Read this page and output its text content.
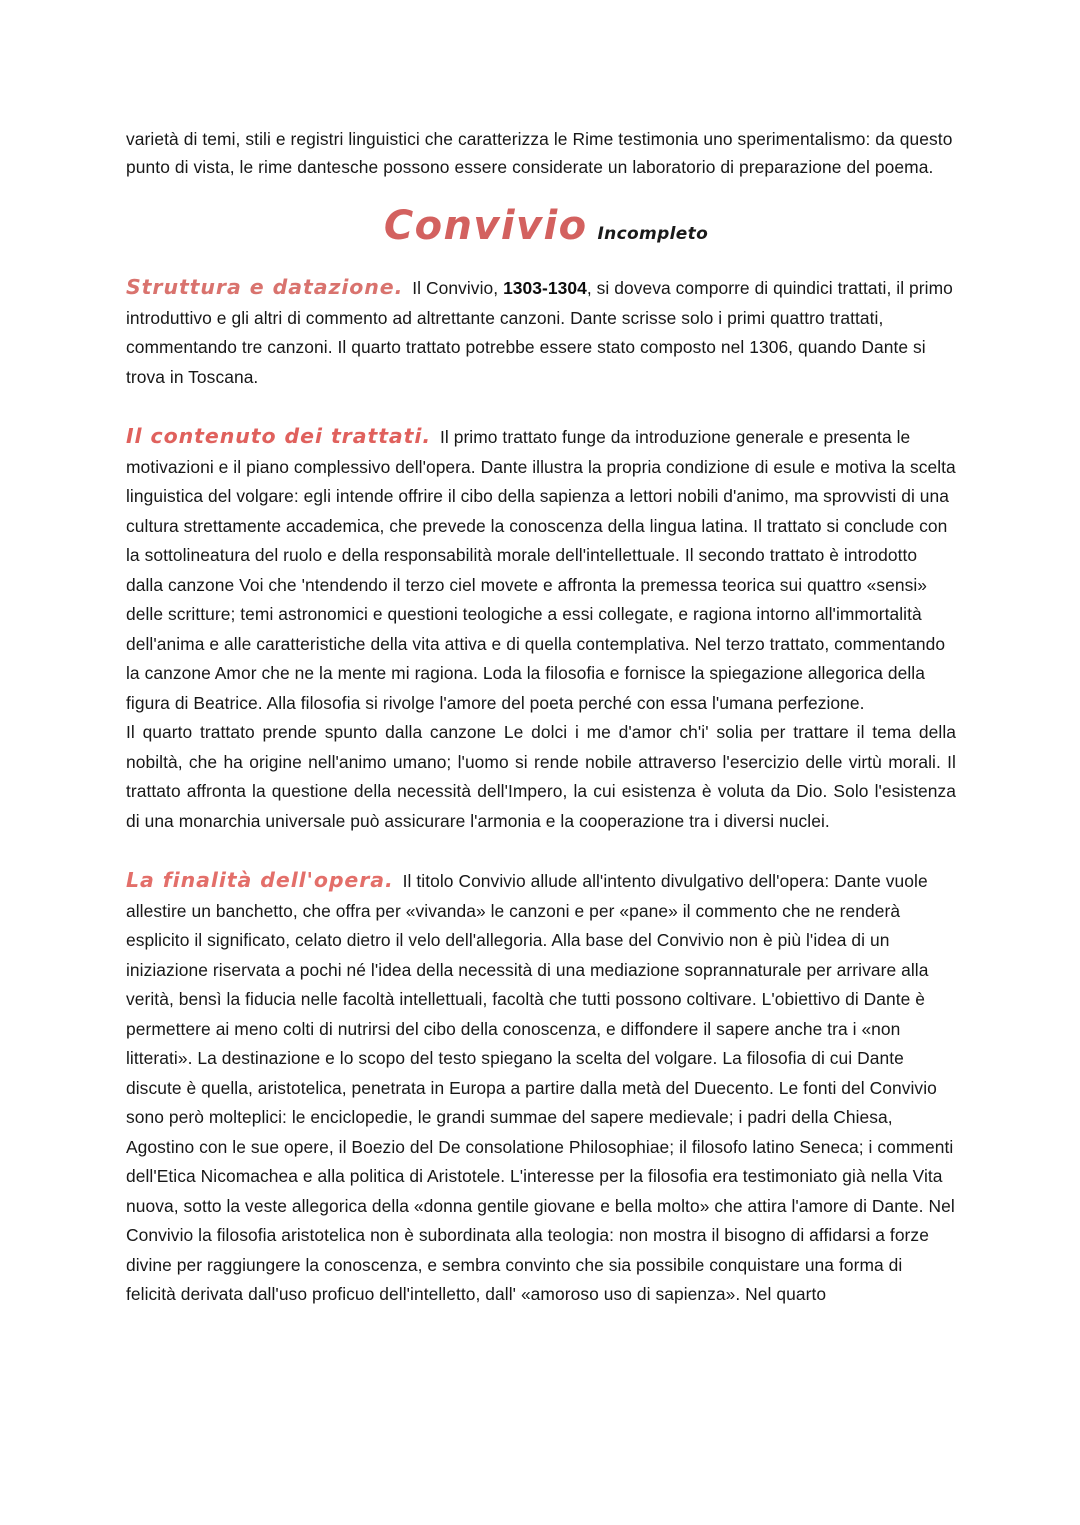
varietà di temi, stili e registri linguistici che caratterizza le Rime testimonia uno sperimentalismo: da questo punto di vista, le rime dantesche possono essere considerate un laboratorio di preparazione del poema.

Convivio Incompleto

Struttura e datazione. Il Convivio, 1303-1304, si doveva comporre di quindici trattati, il primo introduttivo e gli altri di commento ad altrettante canzoni. Dante scrisse solo i primi quattro trattati, commentando tre canzoni. Il quarto trattato potrebbe essere stato composto nel 1306, quando Dante si trova in Toscana.

Il contenuto dei trattati. Il primo trattato funge da introduzione generale e presenta le motivazioni e il piano complessivo dell'opera. Dante illustra la propria condizione di esule e motiva la scelta linguistica del volgare: egli intende offrire il cibo della sapienza a lettori nobili d'animo, ma sprovvisti di una cultura strettamente accademica, che prevede la conoscenza della lingua latina. Il trattato si conclude con la sottolineatura del ruolo e della responsabilità morale dell'intellettuale. Il secondo trattato è introdotto dalla canzone Voi che 'ntendendo il terzo ciel movete e affronta la premessa teorica sui quattro «sensi» delle scritture; temi astronomici e questioni teologiche a essi collegate, e ragiona intorno all'immortalità dell'anima e alle caratteristiche della vita attiva e di quella contemplativa. Nel terzo trattato, commentando la canzone Amor che ne la mente mi ragiona. Loda la filosofia e fornisce la spiegazione allegorica della figura di Beatrice. Alla filosofia si rivolge l'amore del poeta perché con essa l'umana perfezione.

Il quarto trattato prende spunto dalla canzone Le dolci i me d'amor ch'i' solia per trattare il tema della nobiltà, che ha origine nell'animo umano; l'uomo si rende nobile attraverso l'esercizio delle virtù morali. Il trattato affronta la questione della necessità dell'Impero, la cui esistenza è voluta da Dio. Solo l'esistenza di una monarchia universale può assicurare l'armonia e la cooperazione tra i diversi nuclei.

La finalità dell'opera. Il titolo Convivio allude all'intento divulgativo dell'opera: Dante vuole allestire un banchetto, che offra per «vivanda» le canzoni e per «pane» il commento che ne renderà esplicito il significato, celato dietro il velo dell'allegoria. Alla base del Convivio non è più l'idea di un iniziazione riservata a pochi né l'idea della necessità di una mediazione soprannaturale per arrivare alla verità, bensì la fiducia nelle facoltà intellettuali, facoltà che tutti possono coltivare. L'obiettivo di Dante è permettere ai meno colti di nutrirsi del cibo della conoscenza, e diffondere il sapere anche tra i «non litterati». La destinazione e lo scopo del testo spiegano la scelta del volgare. La filosofia di cui Dante discute è quella, aristotelica, penetrata in Europa a partire dalla metà del Duecento. Le fonti del Convivio sono però molteplici: le enciclopedie, le grandi summae del sapere medievale; i padri della Chiesa, Agostino con le sue opere, il Boezio del De consolatione Philosophiae; il filosofo latino Seneca; i commenti dell'Etica Nicomachea e alla politica di Aristotele. L'interesse per la filosofia era testimoniato già nella Vita nuova, sotto la veste allegorica della «donna gentile giovane e bella molto» che attira l'amore di Dante. Nel Convivio la filosofia aristotelica non è subordinata alla teologia: non mostra il bisogno di affidarsi a forze divine per raggiungere la conoscenza, e sembra convinto che sia possibile conquistare una forma di felicità derivata dall'uso proficuo dell'intelletto, dall' «amoroso uso di sapienza». Nel quarto
